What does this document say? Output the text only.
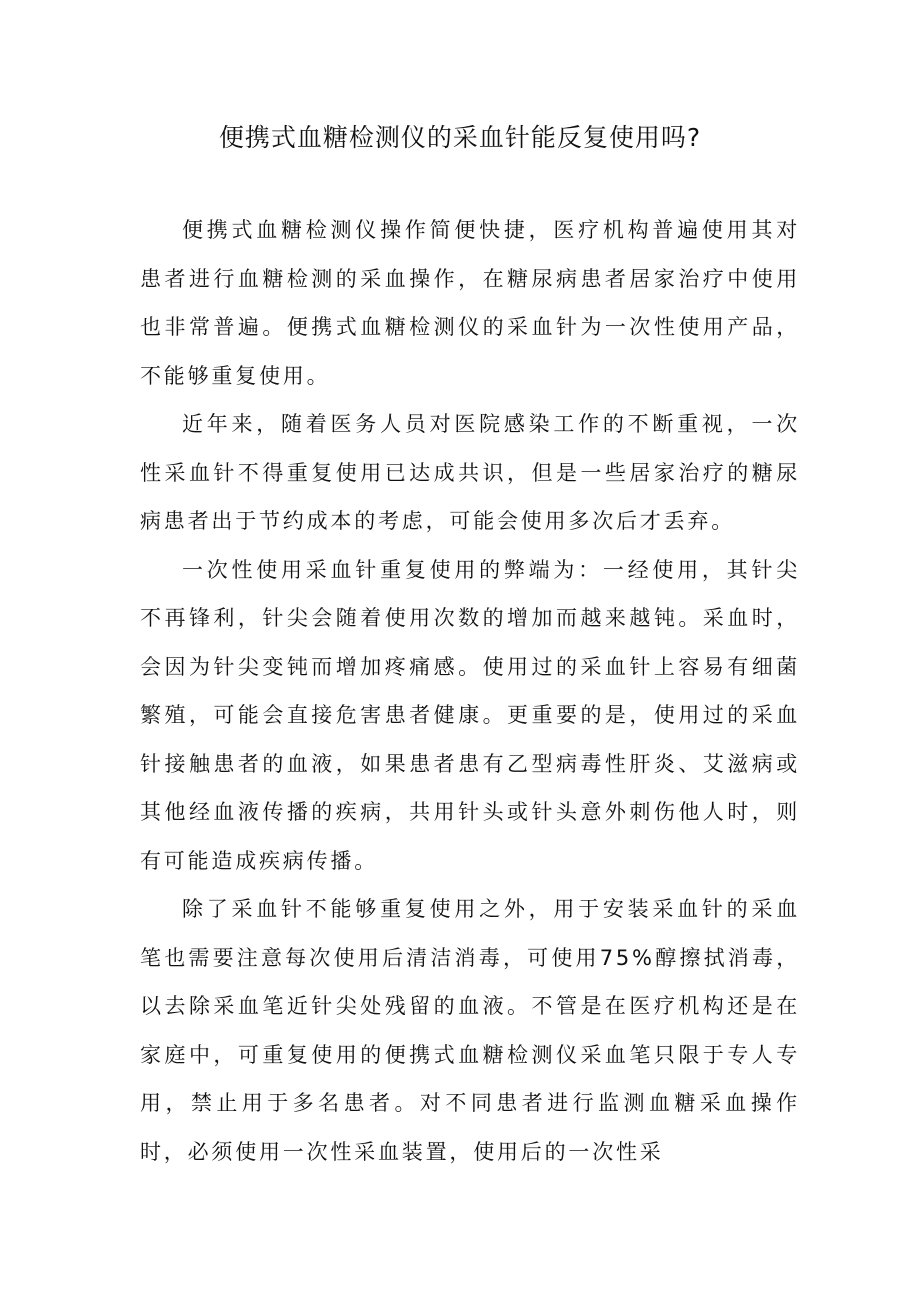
便携式血糖检测仪的采血针能反复使用吗?

便携式血糖检测仪操作简便快捷，医疗机构普遍使用其对患者进行血糖检测的采血操作，在糖尿病患者居家治疗中使用也非常普遍。便携式血糖检测仪的采血针为一次性使用产品，不能够重复使用。

近年来，随着医务人员对医院感染工作的不断重视，一次性采血针不得重复使用已达成共识，但是一些居家治疗的糖尿病患者出于节约成本的考虑，可能会使用多次后才丢弃。

一次性使用采血针重复使用的弊端为：一经使用，其针尖不再锋利，针尖会随着使用次数的增加而越来越钝。采血时，会因为针尖变钝而增加疼痛感。使用过的采血针上容易有细菌繁殖，可能会直接危害患者健康。更重要的是，使用过的采血针接触患者的血液，如果患者患有乙型病毒性肝炎、艾滋病或其他经血液传播的疾病，共用针头或针头意外刺伤他人时，则有可能造成疾病传播。

除了采血针不能够重复使用之外，用于安装采血针的采血笔也需要注意每次使用后清洁消毒，可使用75%醇擦拭消毒，以去除采血笔近针尖处残留的血液。不管是在医疗机构还是在家庭中，可重复使用的便携式血糖检测仪采血笔只限于专人专用，禁止用于多名患者。对不同患者进行监测血糖采血操作时，必须使用一次性采血装置，使用后的一次性采
